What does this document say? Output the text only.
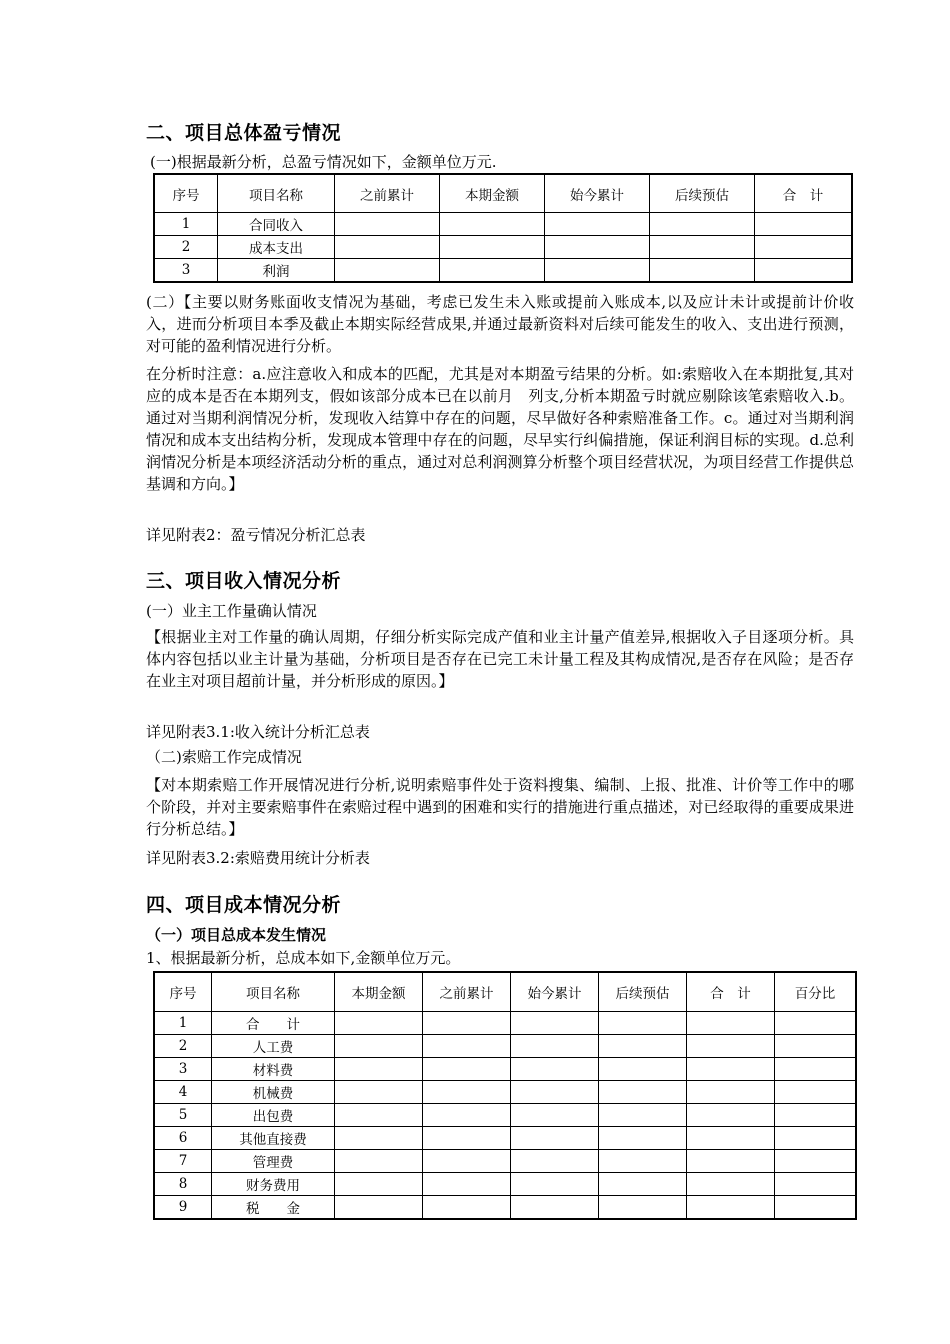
二、项目总体盈亏情况
(一)根据最新分析，总盈亏情况如下，金额单位万元.
序号	项目名称	之前累计	本期金额	始今累计	后续预估	合　计
1	合同收入					
2	成本支出					
3	利润					
(二）【主要以财务账面收支情况为基础，考虑已发生未入账或提前入账成本,以及应计未计或提前计价收入，进而分析项目本季及截止本期实际经营成果,并通过最新资料对后续可能发生的收入、支出进行预测，对可能的盈利情况进行分析。
在分析时注意：a.应注意收入和成本的匹配，尤其是对本期盈亏结果的分析。如:索赔收入在本期批复,其对应的成本是否在本期列支，假如该部分成本已在以前月　列支,分析本期盈亏时就应剔除该笔索赔收入.b。通过对当期利润情况分析，发现收入结算中存在的问题，尽早做好各种索赔准备工作。c。通过对当期利润情况和成本支出结构分析，发现成本管理中存在的问题，尽早实行纠偏措施，保证利润目标的实现。d.总利润情况分析是本项经济活动分析的重点，通过对总利润测算分析整个项目经营状况，为项目经营工作提供总基调和方向。】
详见附表2：盈亏情况分析汇总表
三、项目收入情况分析
(一）业主工作量确认情况
【根据业主对工作量的确认周期，仔细分析实际完成产值和业主计量产值差异,根据收入子目逐项分析。具体内容包括以业主计量为基础，分析项目是否存在已完工未计量工程及其构成情况,是否存在风险；是否存在业主对项目超前计量，并分析形成的原因。】
详见附表3.1:收入统计分析汇总表
（二)索赔工作完成情况
【对本期索赔工作开展情况进行分析,说明索赔事件处于资料搜集、编制、上报、批准、计价等工作中的哪个阶段，并对主要索赔事件在索赔过程中遇到的困难和实行的措施进行重点描述，对已经取得的重要成果进行分析总结。】
详见附表3.2:索赔费用统计分析表
四、项目成本情况分析
（一）项目总成本发生情况
1、根据最新分析，总成本如下,金额单位万元。
序号	项目名称	本期金额	之前累计	始今累计	后续预估	合　计	百分比
1	合　　计						
2	人工费						
3	材料费						
4	机械费						
5	出包费						
6	其他直接费						
7	管理费						
8	财务费用						
9	税　　金						
